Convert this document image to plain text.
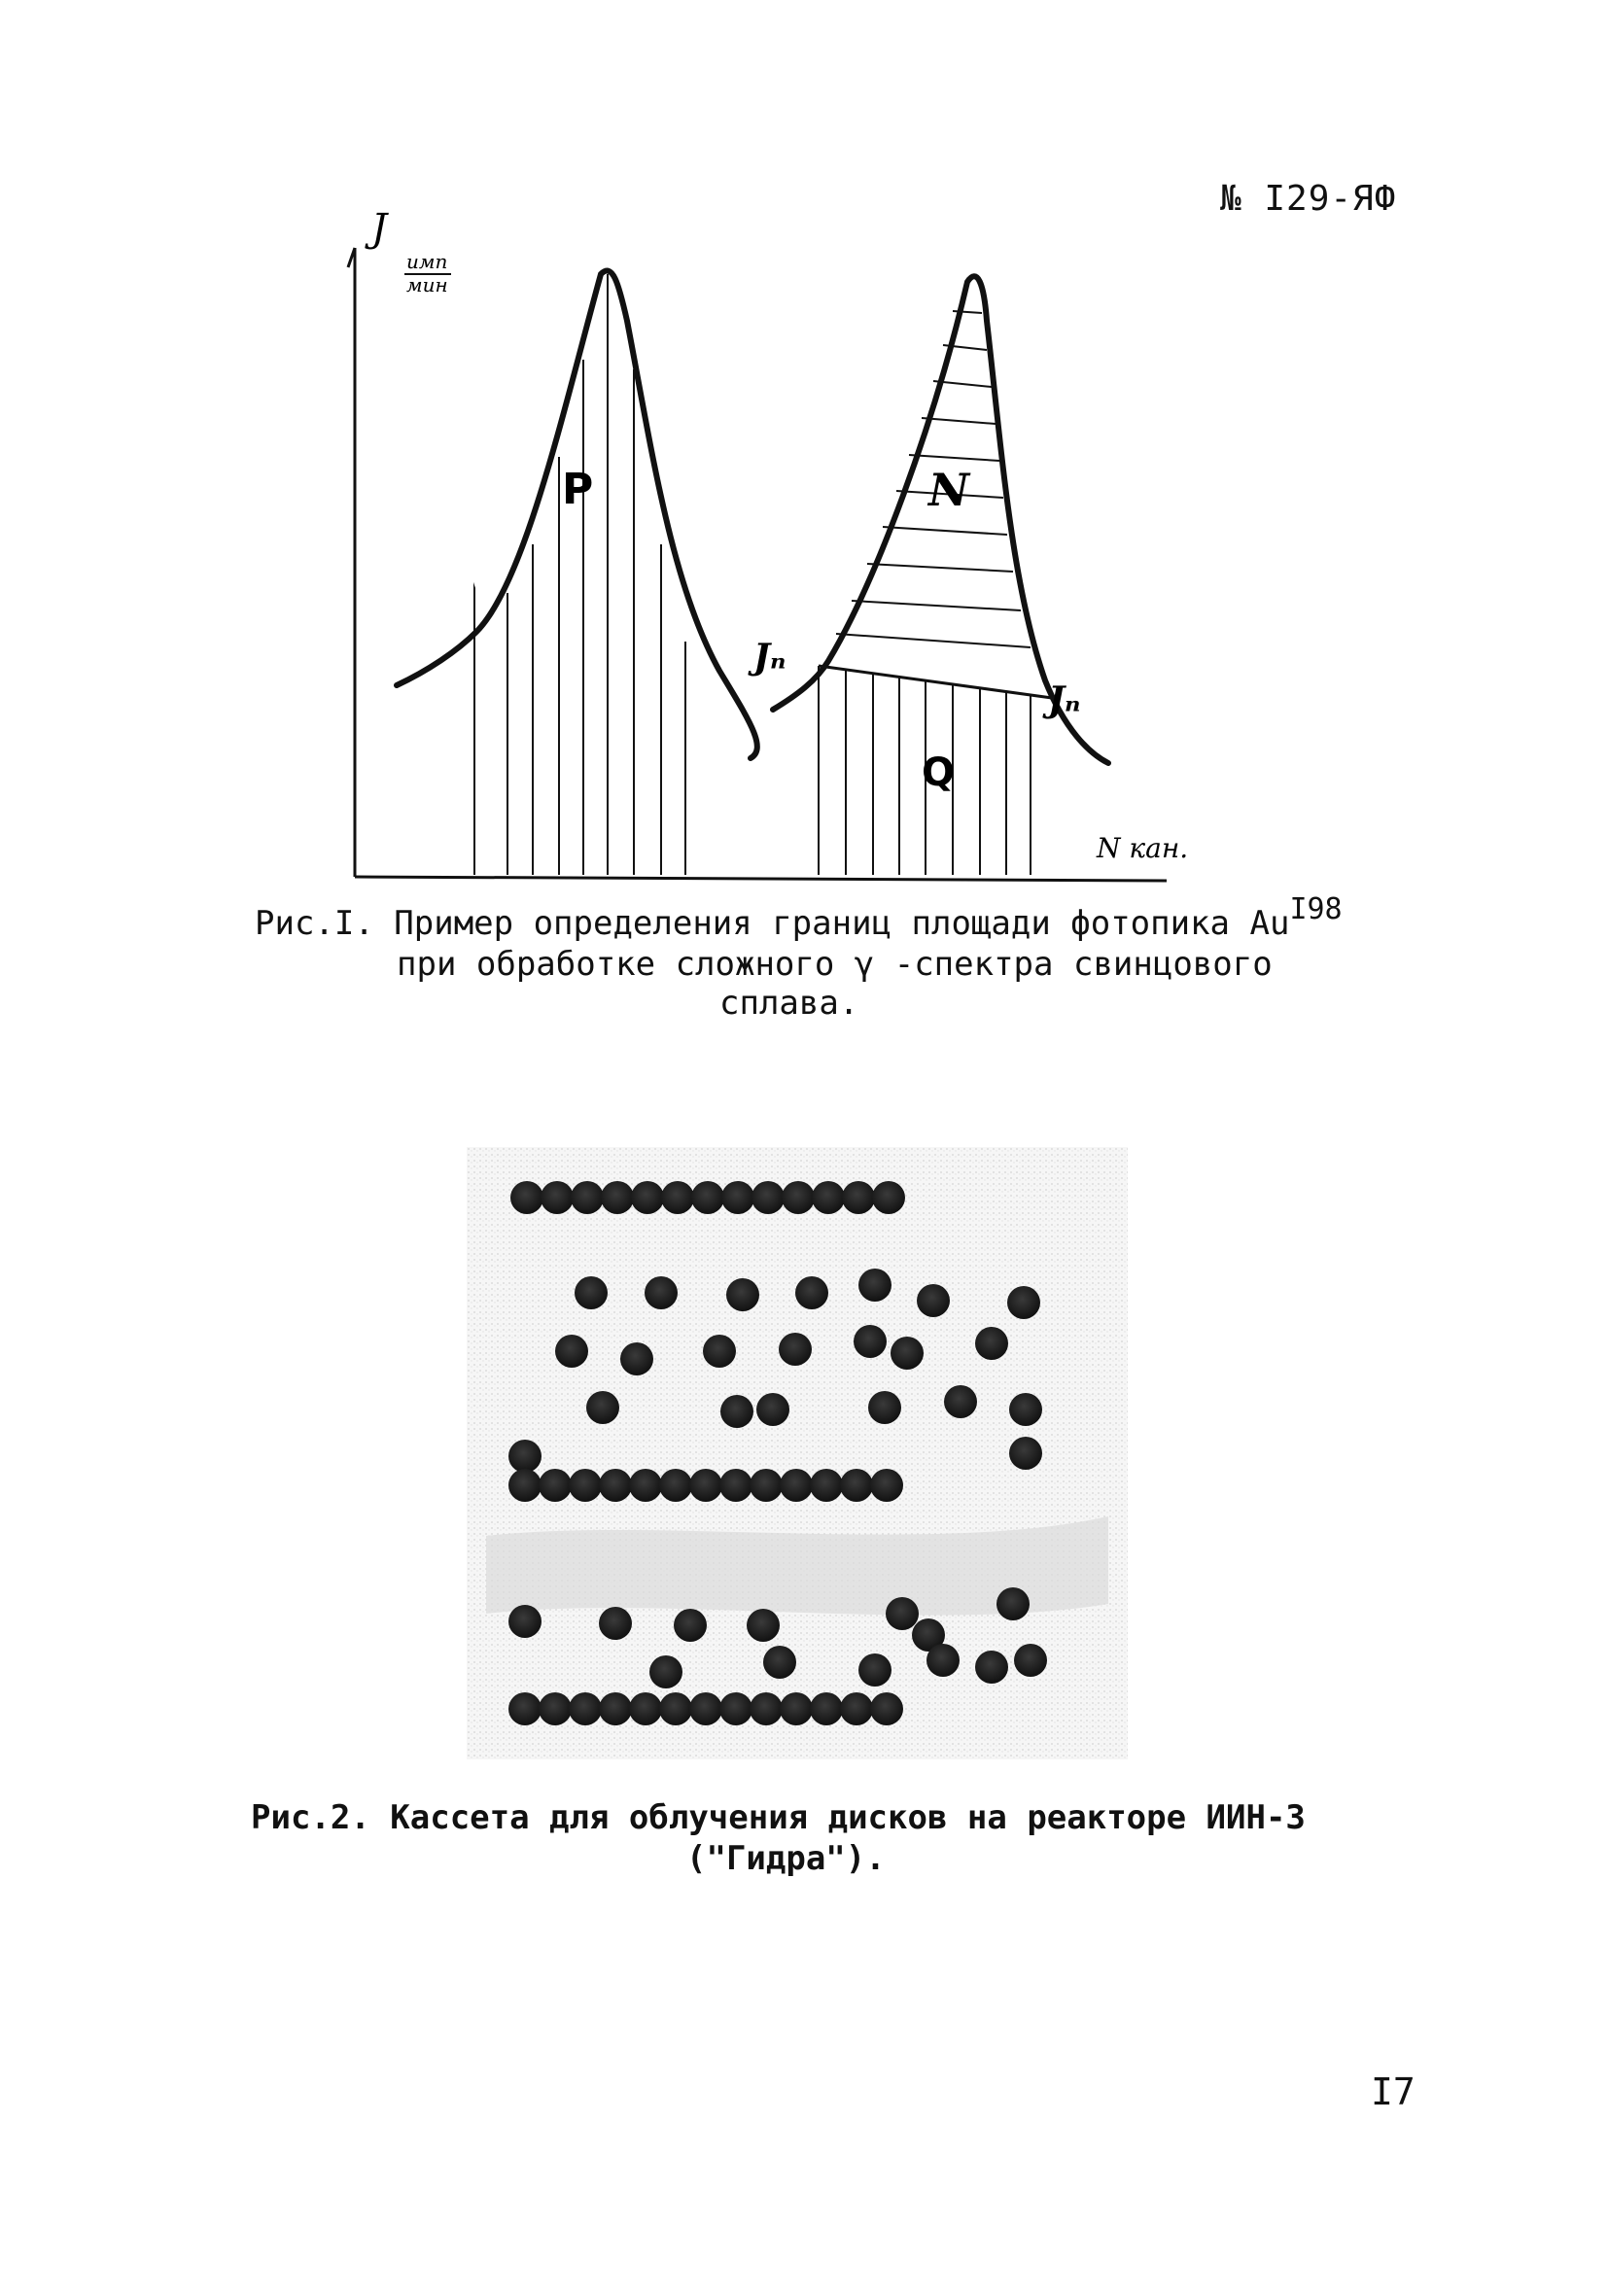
№ I29-ЯФ
J
имп
мин
N кан.
P	N
Q
Jₙ
Jₙ
Рис.I. Пример определения границ площади фотопика AuI98
при обработке сложного γ -спектра свинцового
сплава.
Рис.2. Кассета для облучения дисков на реакторе ИИН-3
("Гидра").
I7
